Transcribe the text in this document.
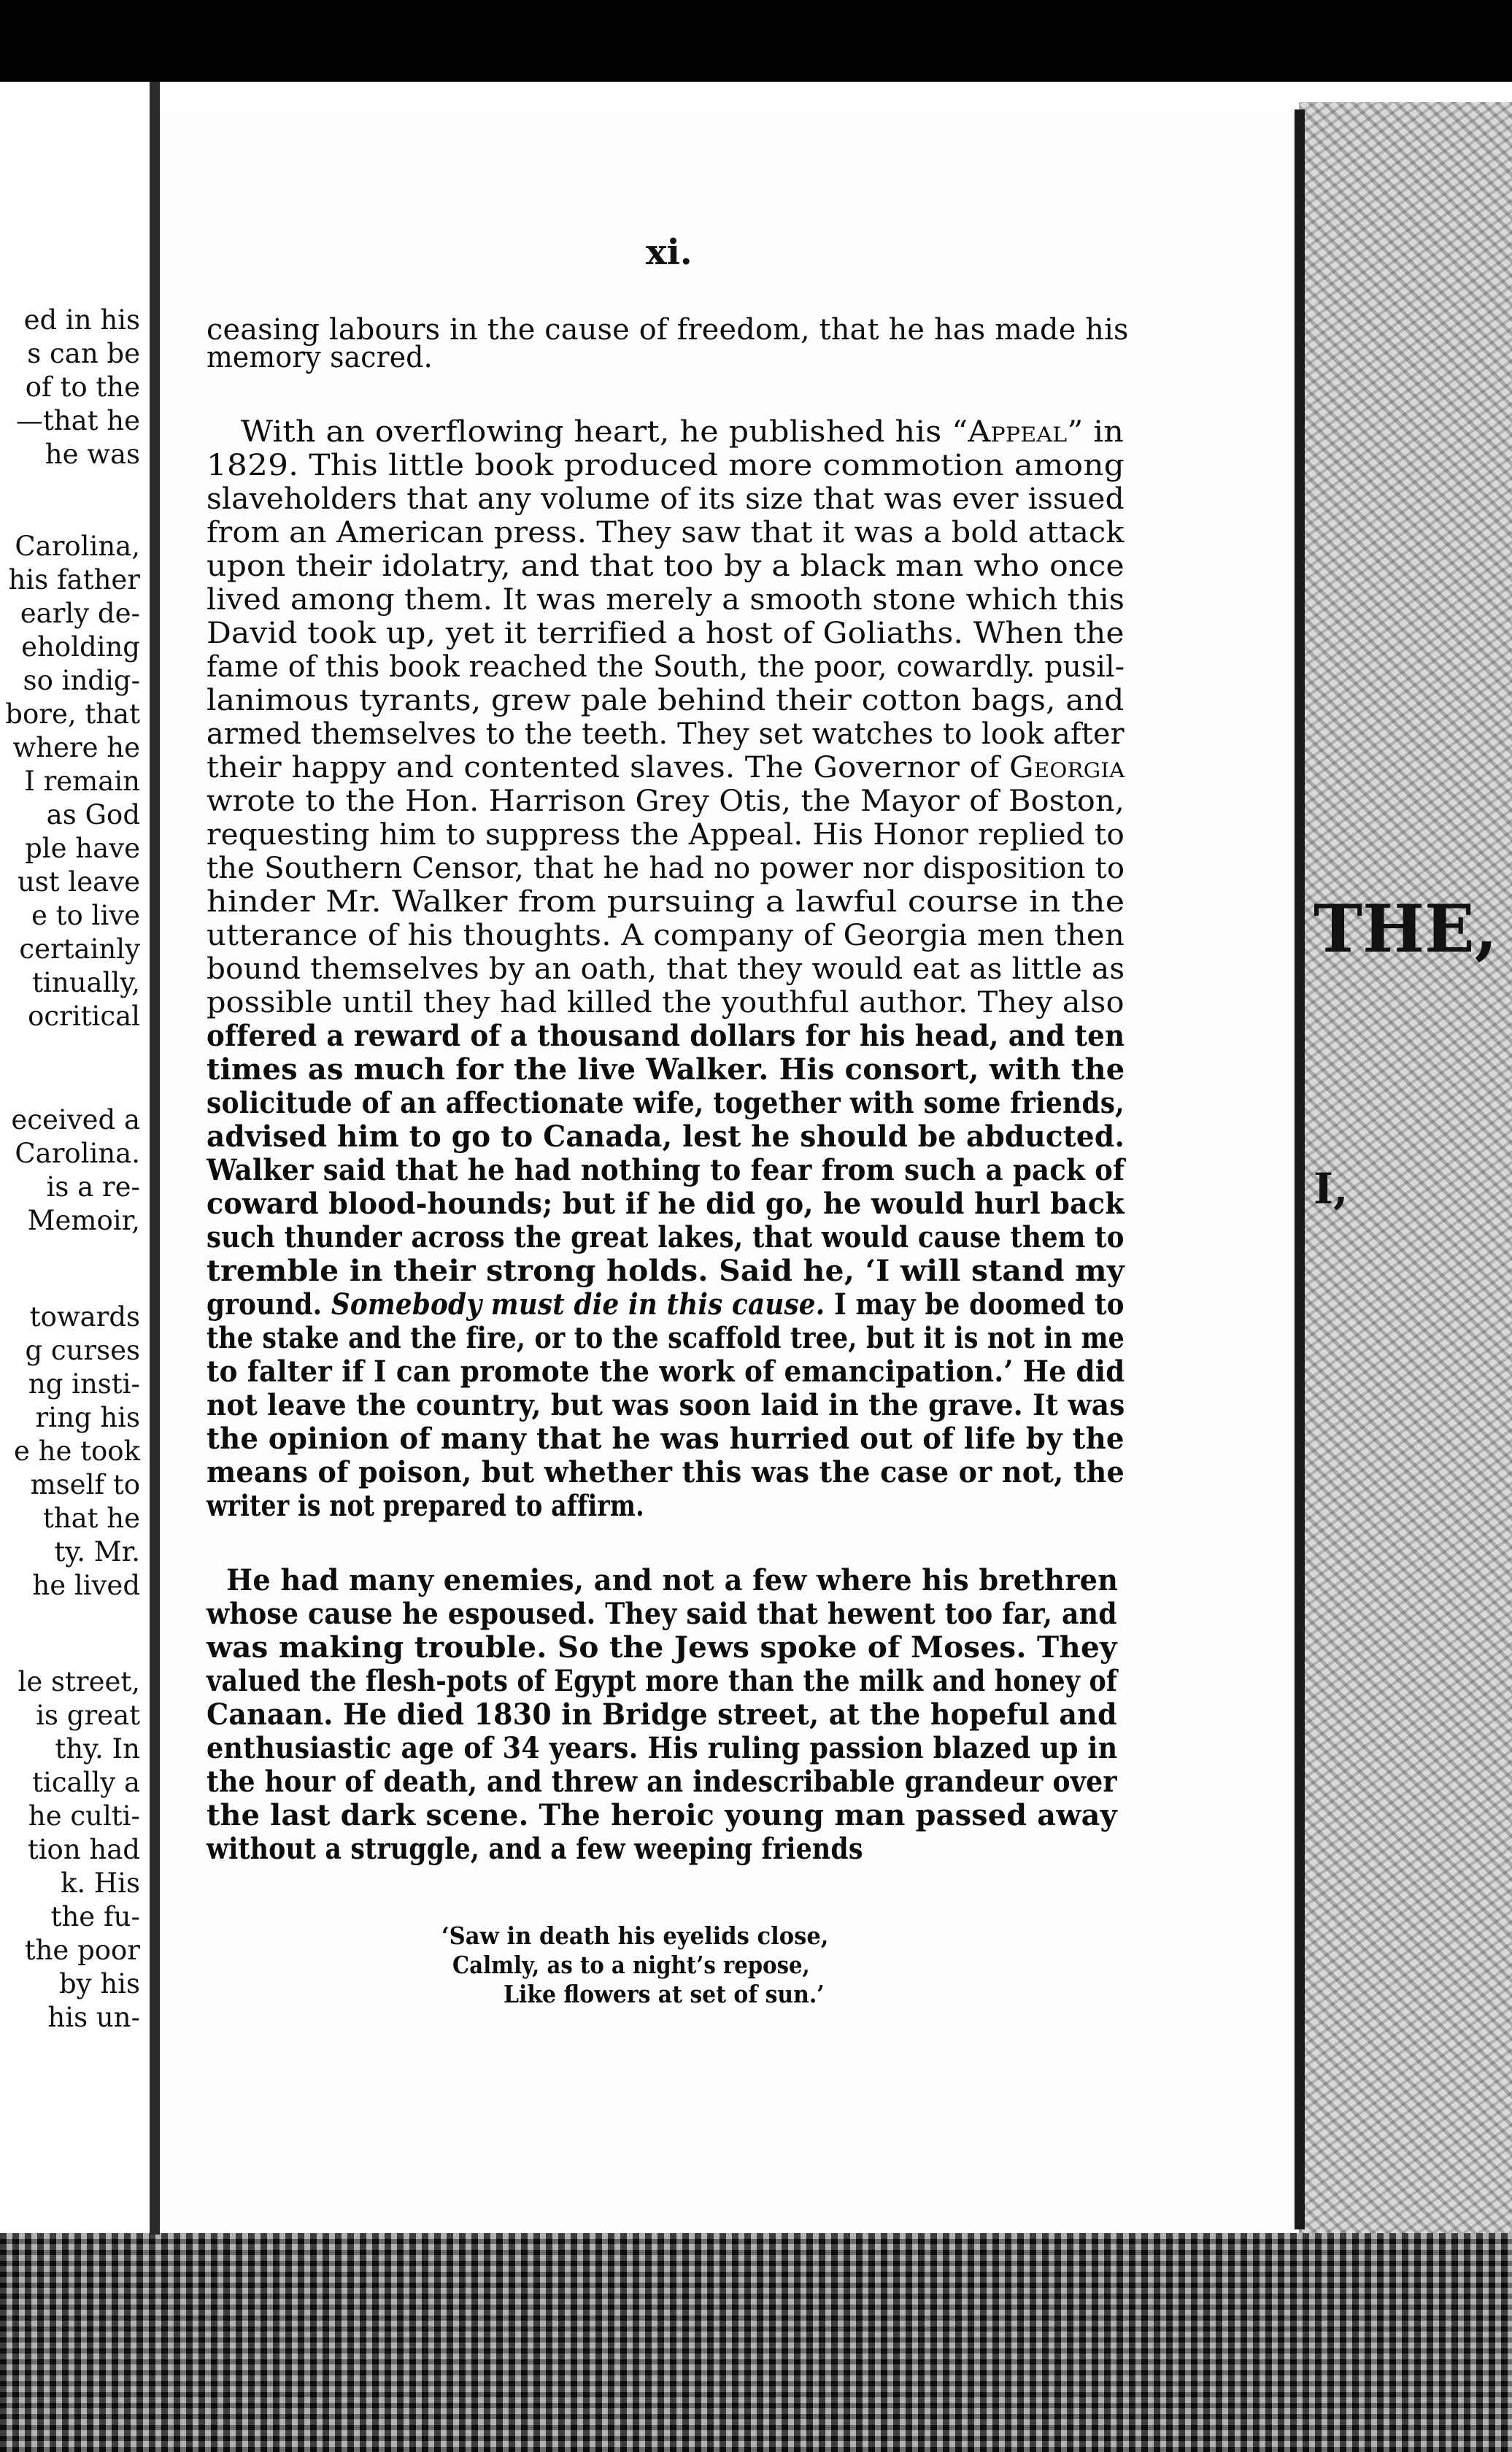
ed in his
s can be
of to the
—that he
he was
Carolina,
his father
early de-
eholding
so indig-
bore, that
where he
I remain
as God
ple have
ust leave
e to live
certainly
tinually,
ocritical
eceived a
Carolina.
is a re-
Memoir,
towards
g curses
ng insti-
ring his
e he took
mself to
that he
ty. Mr.
he lived
le street,
is great
thy. In
tically a
he culti-
tion had
k. His
the fu-
the poor
by his
his un-
xi.
ceasing labours in the cause of freedom, that he has made his
memory sacred.
With an overflowing heart, he published his “Appeal” in
1829. This little book produced more commotion among
slaveholders that any volume of its size that was ever issued
from an American press. They saw that it was a bold attack
upon their idolatry, and that too by a black man who once
lived among them. It was merely a smooth stone which this
David took up, yet it terrified a host of Goliaths. When the
fame of this book reached the South, the poor, cowardly. pusil-
lanimous tyrants, grew pale behind their cotton bags, and
armed themselves to the teeth. They set watches to look after
their happy and contented slaves. The Governor of Georgia
wrote to the Hon. Harrison Grey Otis, the Mayor of Boston,
requesting him to suppress the Appeal. His Honor replied to
the Southern Censor, that he had no power nor disposition to
hinder Mr. Walker from pursuing a lawful course in the
utterance of his thoughts. A company of Georgia men then
bound themselves by an oath, that they would eat as little as
possible until they had killed the youthful author. They also
offered a reward of a thousand dollars for his head, and ten
times as much for the live Walker. His consort, with the
solicitude of an affectionate wife, together with some friends,
advised him to go to Canada, lest he should be abducted.
Walker said that he had nothing to fear from such a pack of
coward blood-hounds; but if he did go, he would hurl back
such thunder across the great lakes, that would cause them to
tremble in their strong holds. Said he, ‘I will stand my
ground. Somebody must die in this cause. I may be doomed to
the stake and the fire, or to the scaffold tree, but it is not in me
to falter if I can promote the work of emancipation.’ He did
not leave the country, but was soon laid in the grave. It was
the opinion of many that he was hurried out of life by the
means of poison, but whether this was the case or not, the
writer is not prepared to affirm.
He had many enemies, and not a few where his brethren
whose cause he espoused. They said that hewent too far, and
was making trouble. So the Jews spoke of Moses. They
valued the flesh-pots of Egypt more than the milk and honey of
Canaan. He died 1830 in Bridge street, at the hopeful and
enthusiastic age of 34 years. His ruling passion blazed up in
the hour of death, and threw an indescribable grandeur over
the last dark scene. The heroic young man passed away
without a struggle, and a few weeping friends
‘Saw in death his eyelids close,
Calmly, as to a night’s repose,
Like flowers at set of sun.’
THE,
I,
